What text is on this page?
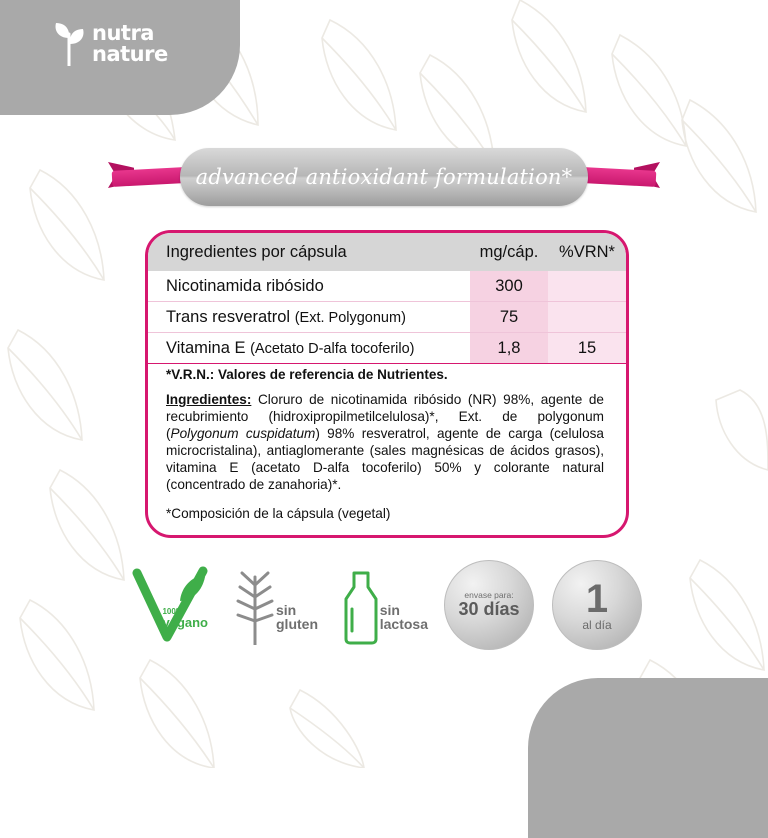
nutra
nature
advanced antioxidant formulation*
Ingredientes por cápsula	mg/cáp.	%VRN*
Nicotinamida ribósido	300
Trans resveratrol (Ext. Polygonum)	75
Vitamina E (Acetato D-alfa tocoferilo)	1,8	15
*V.R.N.: Valores de referencia de Nutrientes.
Ingredientes: Cloruro de nicotinamida ribósido (NR) 98%, agente de recubrimiento (hidroxipropilmetilcelulosa)*, Ext. de polygonum (Polygonum cuspidatum) 98% resveratrol, agente de carga (celulosa microcristalina), antiaglomerante (sales magnésicas de ácidos grasos), vitamina E (acetato D-alfa tocoferilo) 50% y colorante natural (concentrado de zanahoria)*.
*Composición de la cápsula (vegetal)
100%
vegano
sin
gluten
sin
lactosa
envase para:
30 días 1
al día
